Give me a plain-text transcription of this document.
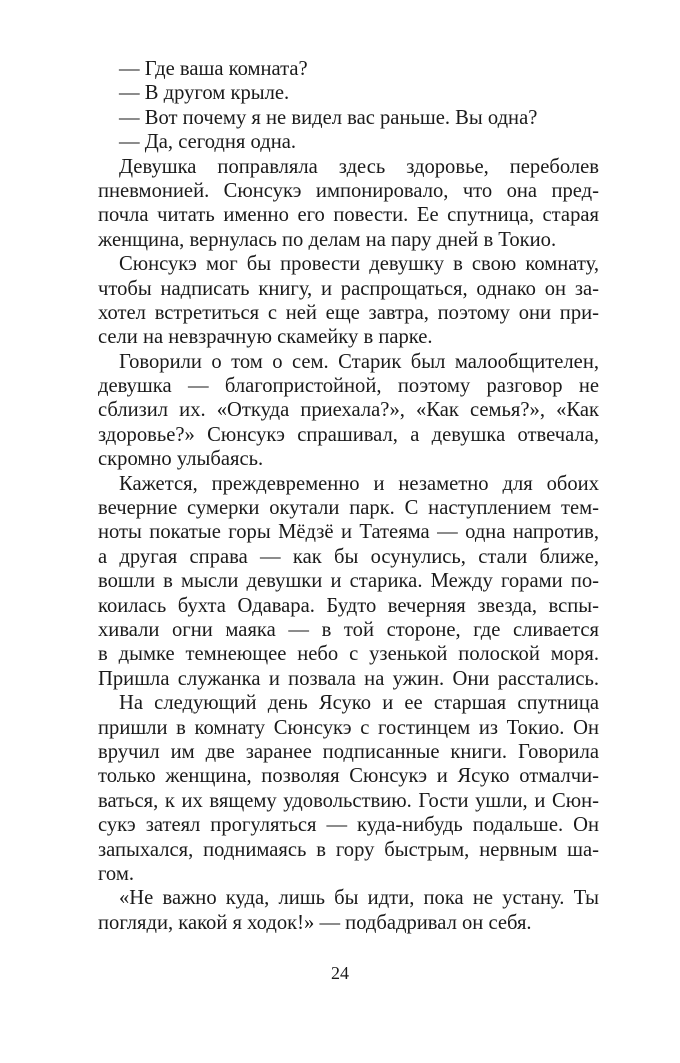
— Где ваша комната?
— В другом крыле.
— Вот почему я не видел вас раньше. Вы одна?
— Да, сегодня одна.
Девушка поправляла здесь здоровье, переболев
пневмонией. Сюнсукэ импонировало, что она пред-
почла читать именно его повести. Ее спутница, старая
женщина, вернулась по делам на пару дней в Токио.
Сюнсукэ мог бы провести девушку в свою комнату,
чтобы надписать книгу, и распрощаться, однако он за-
хотел встретиться с ней еще завтра, поэтому они при-
сели на невзрачную скамейку в парке.
Говорили о том о сем. Старик был малообщителен,
девушка — благопристойной, поэтому разговор не
сблизил их. «Откуда приехала?», «Как семья?», «Как
здоровье?» Сюнсукэ спрашивал, а девушка отвечала,
скромно улыбаясь.
Кажется, преждевременно и незаметно для обоих
вечерние сумерки окутали парк. С наступлением тем-
ноты покатые горы Мёдзё и Татеяма — одна напротив,
а другая справа — как бы осунулись, стали ближе,
вошли в мысли девушки и старика. Между горами по-
коилась бухта Одавара. Будто вечерняя звезда, вспы-
хивали огни маяка — в той стороне, где сливается
в дымке темнеющее небо с узенькой полоской моря.
Пришла служанка и позвала на ужин. Они расстались.
На следующий день Ясуко и ее старшая спутница
пришли в комнату Сюнсукэ с гостинцем из Токио. Он
вручил им две заранее подписанные книги. Говорила
только женщина, позволяя Сюнсукэ и Ясуко отмалчи-
ваться, к их вящему удовольствию. Гости ушли, и Сюн-
сукэ затеял прогуляться — куда-нибудь подальше. Он
запыхался, поднимаясь в гору быстрым, нервным ша-
гом.
«Не важно куда, лишь бы идти, пока не устану. Ты
погляди, какой я ходок!» — подбадривал он себя.
24
